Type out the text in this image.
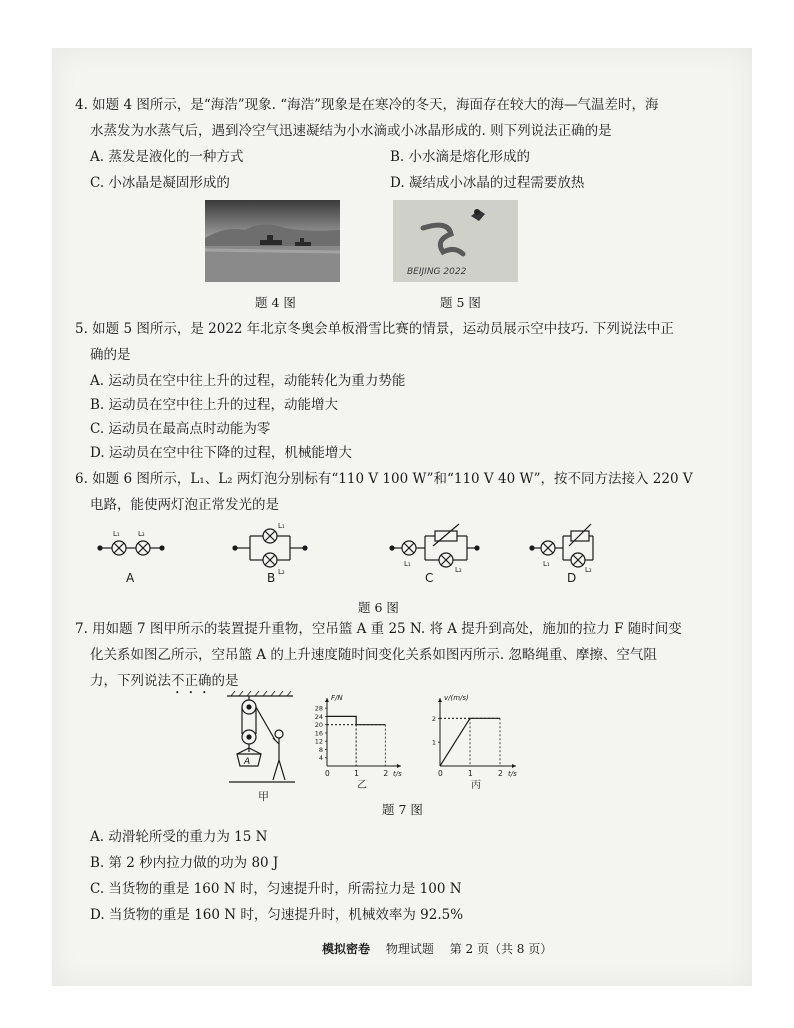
4. 如题 4 图所示，是“海浩”现象. “海浩”现象是在寒冷的冬天，海面存在较大的海—气温差时，海
水蒸发为水蒸气后，遇到冷空气迅速凝结为小水滴或小冰晶形成的. 则下列说法正确的是
A. 蒸发是液化的一种方式	B. 小水滴是熔化形成的
C. 小冰晶是凝固形成的	D. 凝结成小冰晶的过程需要放热
题 4 图
BEIJING 2022
题 5 图
5. 如题 5 图所示，是 2022 年北京冬奥会单板滑雪比赛的情景，运动员展示空中技巧. 下列说法中正
确的是
A. 运动员在空中往上升的过程，动能转化为重力势能
B. 运动员在空中往上升的过程，动能增大
C. 运动员在最高点时动能为零
D. 运动员在空中往下降的过程，机械能增大
6. 如题 6 图所示，L₁、L₂ 两灯泡分别标有“110 V 100 W”和“110 V 40 W”，按不同方法接入 220 V
电路，能使两灯泡正常发光的是
L₁	L₂
L₁
L₂
L₁
L₂
L₁
L₂
A	B	C	D
题 6 图
7. 用如题 7 图甲所示的装置提升重物，空吊篮 A 重 25 N. 将 A 提升到高处，施加的拉力 F 随时间变
化关系如图乙所示，空吊篮 A 的上升速度随时间变化关系如图丙所示. 忽略绳重、摩擦、空气阻
力，下列说法不正确的是
A
甲
F/N
t/s
0	1	2
4
8
12
16
20
24
28
乙
v/(m/s)
t/s
0	1	2
1
2
丙
题 7 图
A. 动滑轮所受的重力为 15 N
B. 第 2 秒内拉力做的功为 80 J
C. 当货物的重是 160 N 时，匀速提升时，所需拉力是 100 N
D. 当货物的重是 160 N 时，匀速提升时，机械效率为 92.5%
模拟密卷 物理试题 第 2 页（共 8 页）
